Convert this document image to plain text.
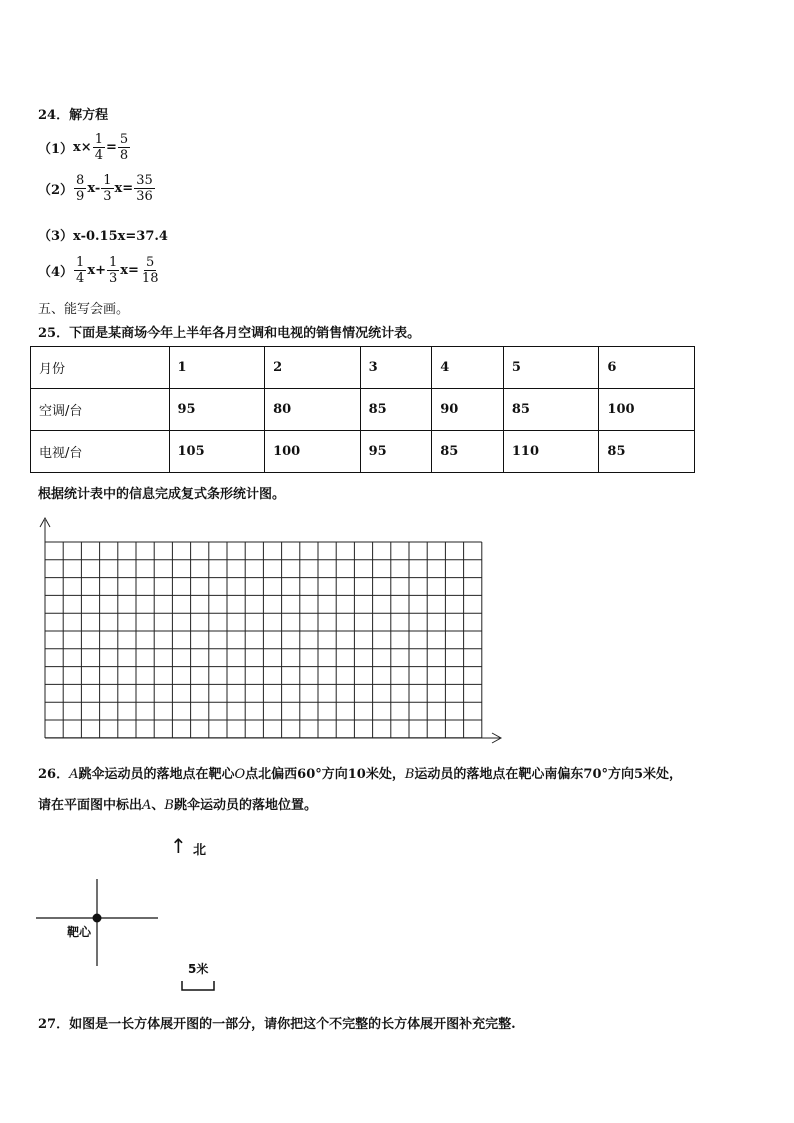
24．解方程
（1） $x\times \frac{1}{4} = \frac{5}{8}$
$(2) \frac{8}{9} x- \frac{1}{3} x= \frac{35}{36}$
（3）x-0.15x=37.4
$(4) \frac{1}{4} x+ \frac{1}{3} x= \frac{5}{18}$
五、能写会画。
25．下面是某商场今年上半年各月空调和电视的销售情况统计表。
月份	1	2	3	4	5	6
空调/台	95	80	85	90	85	100
电视/台	105	100	95	85	110	85
根据统计表中的信息完成复式条形统计图。
26．A跳伞运动员的落地点在靶心O点北偏西60°方向10米处，B运动员的落地点在靶心南偏东70°方向5米处，
请在平面图中标出A、B跳伞运动员的落地位置。
↑ 北
靶心
5米
27．如图是一长方体展开图的一部分，请你把这个不完整的长方体展开图补充完整.
